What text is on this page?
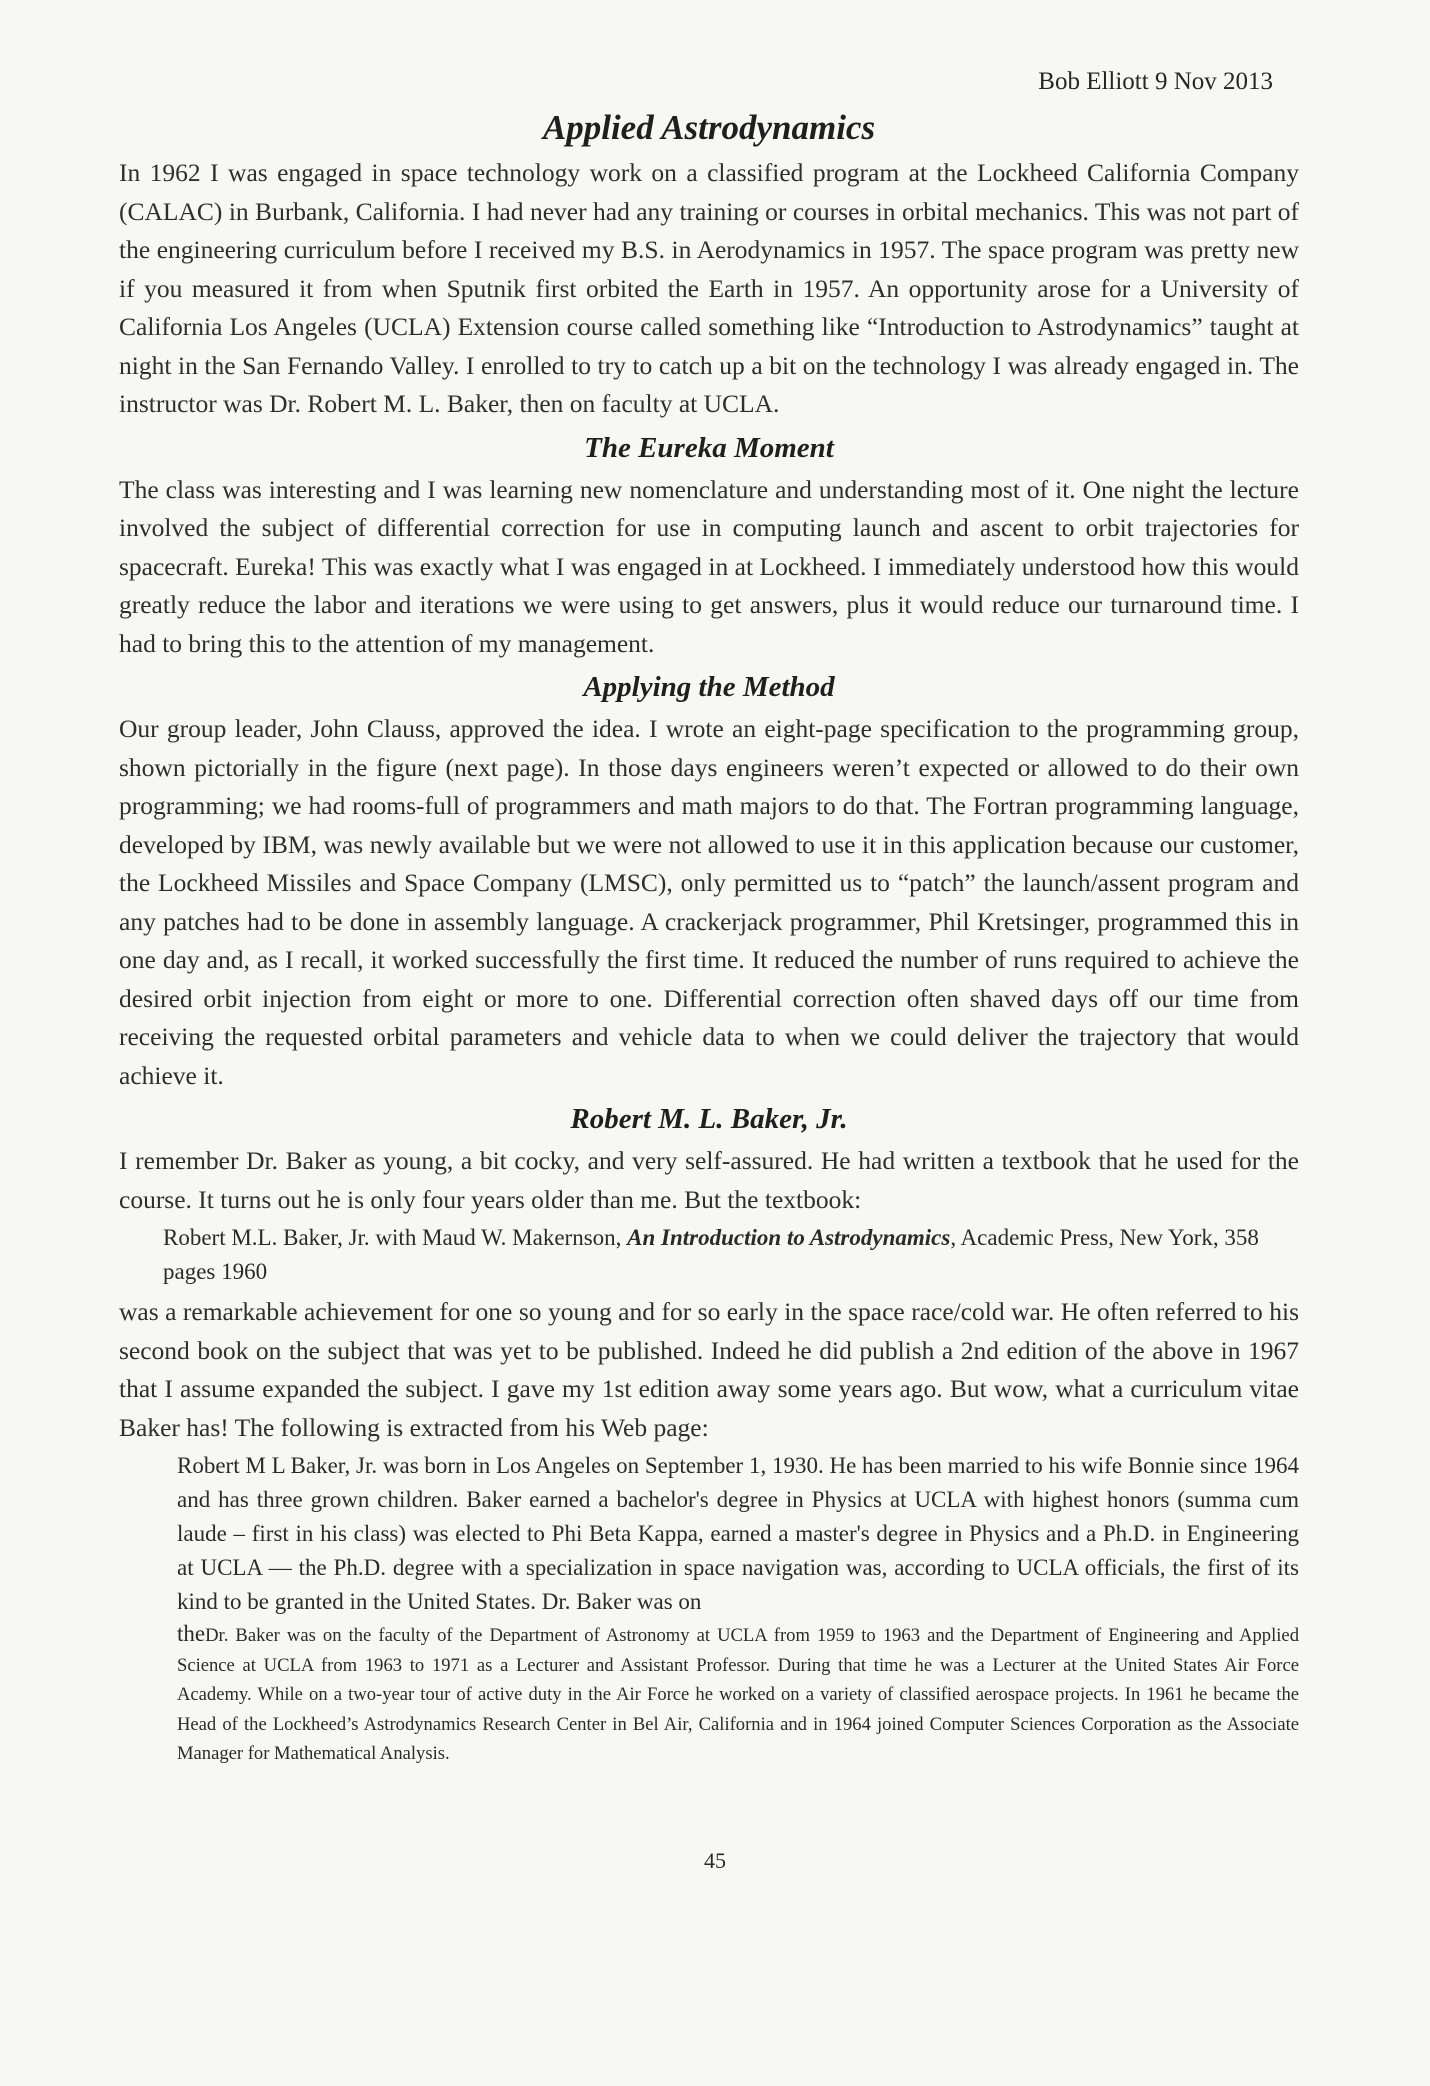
Bob Elliott 9 Nov 2013
Applied Astrodynamics

In 1962 I was engaged in space technology work on a classified program at the Lockheed California Company (CALAC) in Burbank, California. I had never had any training or courses in orbital mechanics. This was not part of the engineering curriculum before I received my B.S. in Aerodynamics in 1957. The space program was pretty new if you measured it from when Sputnik first orbited the Earth in 1957. An opportunity arose for a University of California Los Angeles (UCLA) Extension course called something like “Introduction to Astrodynamics” taught at night in the San Fernando Valley. I enrolled to try to catch up a bit on the technology I was already engaged in. The instructor was Dr. Robert M. L. Baker, then on faculty at UCLA.

The Eureka Moment

The class was interesting and I was learning new nomenclature and understanding most of it. One night the lecture involved the subject of differential correction for use in computing launch and ascent to orbit trajectories for spacecraft. Eureka! This was exactly what I was engaged in at Lockheed. I immediately understood how this would greatly reduce the labor and iterations we were using to get answers, plus it would reduce our turnaround time. I had to bring this to the attention of my management.

Applying the Method

Our group leader, John Clauss, approved the idea. I wrote an eight-page specification to the programming group, shown pictorially in the figure (next page). In those days engineers weren’t expected or allowed to do their own programming; we had rooms-full of programmers and math majors to do that. The Fortran programming language, developed by IBM, was newly available but we were not allowed to use it in this application because our customer, the Lockheed Missiles and Space Company (LMSC), only permitted us to “patch” the launch/assent program and any patches had to be done in assembly language. A crackerjack programmer, Phil Kretsinger, programmed this in one day and, as I recall, it worked successfully the first time. It reduced the number of runs required to achieve the desired orbit injection from eight or more to one. Differential correction often shaved days off our time from receiving the requested orbital parameters and vehicle data to when we could deliver the trajectory that would achieve it.

Robert M. L. Baker, Jr.

I remember Dr. Baker as young, a bit cocky, and very self-assured. He had written a textbook that he used for the course. It turns out he is only four years older than me. But the textbook:

Robert M.L. Baker, Jr. with Maud W. Makernson, An Introduction to Astrodynamics, Academic Press, New York, 358 pages 1960

was a remarkable achievement for one so young and for so early in the space race/cold war. He often referred to his second book on the subject that was yet to be published. Indeed he did publish a 2nd edition of the above in 1967 that I assume expanded the subject. I gave my 1st edition away some years ago. But wow, what a curriculum vitae Baker has! The following is extracted from his Web page:

Robert M L Baker, Jr. was born in Los Angeles on September 1, 1930. He has been married to his wife Bonnie since 1964 and has three grown children. Baker earned a bachelor's degree in Physics at UCLA with highest honors (summa cum laude – first in his class) was elected to Phi Beta Kappa, earned a master's degree in Physics and a Ph.D. in Engineering at UCLA — the Ph.D. degree with a specialization in space navigation was, according to UCLA officials, the first of its kind to be granted in the United States. Dr. Baker was on
theDr. Baker was on the faculty of the Department of Astronomy at UCLA from 1959 to 1963 and the Department of Engineering and Applied Science at UCLA from 1963 to 1971 as a Lecturer and Assistant Professor. During that time he was a Lecturer at the United States Air Force Academy. While on a two-year tour of active duty in the Air Force he worked on a variety of classified aerospace projects. In 1961 he became the Head of the Lockheed’s Astrodynamics Research Center in Bel Air, California and in 1964 joined Computer Sciences Corporation as the Associate Manager for Mathematical Analysis.
45
